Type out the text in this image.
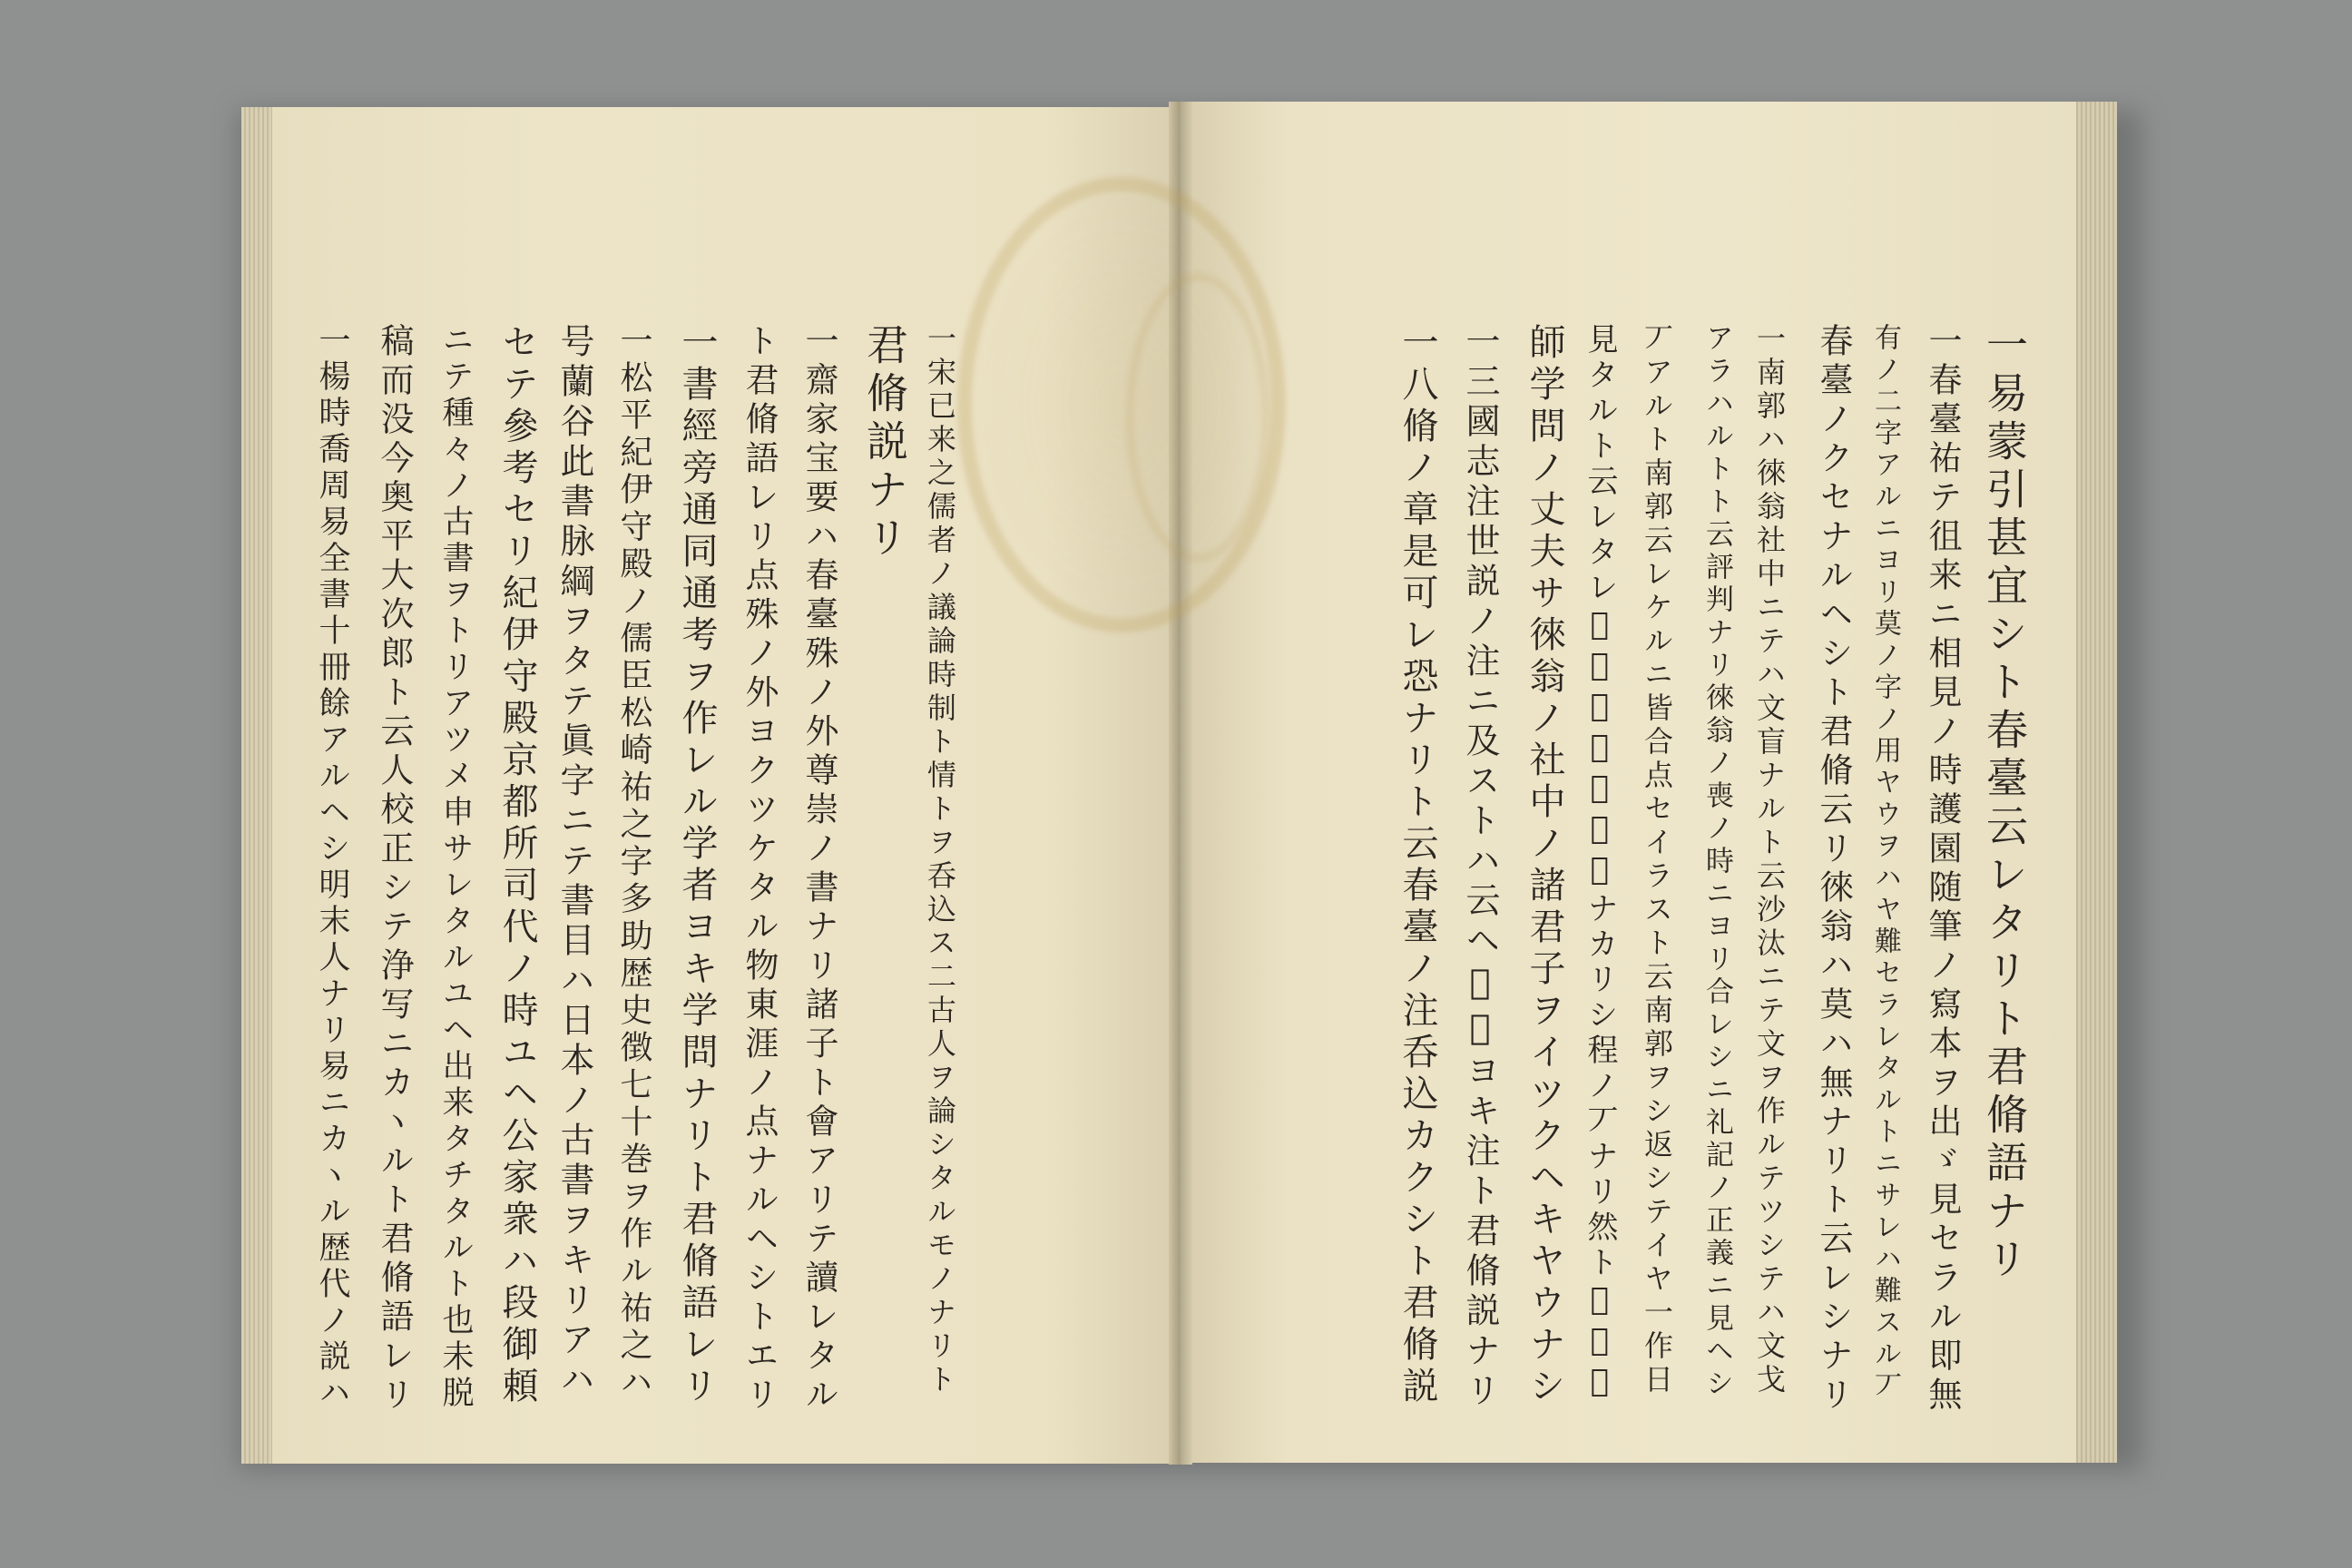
一易蒙引甚宜シト春臺云レタリト君脩語ナリ
一春臺祐テ徂来ニ相見ノ時護園随筆ノ寫本ヲ出ゞ見セラル即無
有ノ二字アルニヨリ莫ノ字ノ用ヤウヲハヤ難セラレタルトニサレハ難スル丆
春臺ノクセナルヘシト君脩云リ徠翁ハ莫ハ無ナリト云レシナリ
一南郭ハ徠翁社中ニテハ文盲ナルト云沙汰ニテ文ヲ作ルテツシテハ文戈
アラハルトト云評判ナリ徠翁ノ喪ノ時ニヨリ合レシニ礼記ノ正義ニ見ヘシ
丆アルト南郭云レケルニ皆合点セイラスト云南郭ヲシ返シテイヤ一作日
見タルト云レタレ𪜈皆諸名子合点ナカリシ程ノ丆ナリ然ト𪜈南郭
師学問ノ丈夫サ徠翁ノ社中ノ諸君子ヲイツクヘキヤウナシ
一三國志注世説ノ注ニ及ストハ云ヘ𪜈甚ヨキ注ト君脩説ナリ
一八脩ノ章是可レ恐ナリト云春臺ノ注呑込カクシト君脩説
一宋已来之儒者ノ議論時制ト情トヲ呑込ス二古人ヲ論シタルモノナリト
君脩説ナリ
一齋家宝要ハ春臺殊ノ外尊崇ノ書ナリ諸子ト會アリテ讀レタル
ト君脩語レリ点殊ノ外ヨクツケタル物東涯ノ点ナルヘシトエリ
一書經旁通同通考ヲ作レル学者ヨキ学問ナリト君脩語レリ
一松平紀伊守殿ノ儒臣松崎祐之字多助歴史徴七十巻ヲ作ル祐之ハ
号蘭谷此書脉綱ヲタテ眞字ニテ書目ハ日本ノ古書ヲキリアハ
セテ參考セリ紀伊守殿京都所司代ノ時ユヘ公家衆ハ段御頼
ニテ種々ノ古書ヲトリアツメ申サレタルユヘ出来タチタルト也未脱
稿而没今奥平大次郎ト云人校正シテ浄写ニカヽルト君脩語レリ
一楊時喬周易全書十冊餘アルヘシ明末人ナリ易ニカヽル歴代ノ説ハ
